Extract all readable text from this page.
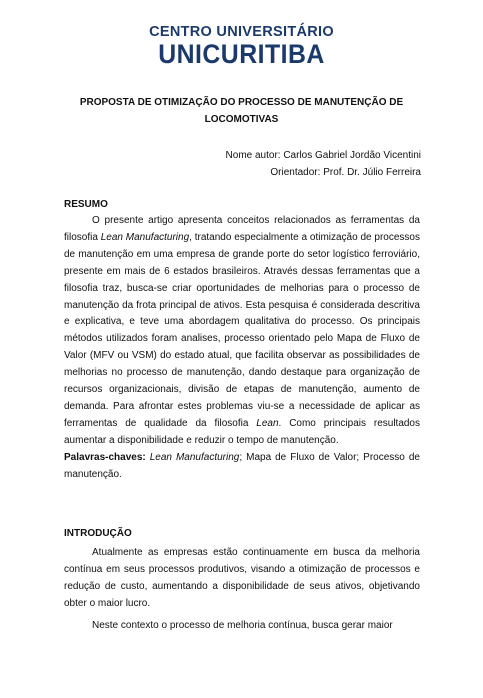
CENTRO UNIVERSITÁRIO
UNICURITIBA
PROPOSTA DE OTIMIZAÇÃO DO PROCESSO DE MANUTENÇÃO DE
LOCOMOTIVAS
Nome autor: Carlos Gabriel Jordão Vicentini
Orientador: Prof. Dr. Júlio Ferreira
RESUMO

O presente artigo apresenta conceitos relacionados as ferramentas da filosofia Lean Manufacturing, tratando especialmente a otimização de processos de manutenção em uma empresa de grande porte do setor logístico ferroviário, presente em mais de 6 estados brasileiros. Através dessas ferramentas que a filosofia traz, busca-se criar oportunidades de melhorias para o processo de manutenção da frota principal de ativos. Esta pesquisa é considerada descritiva e explicativa, e teve uma abordagem qualitativa do processo. Os principais métodos utilizados foram analises, processo orientado pelo Mapa de Fluxo de Valor (MFV ou VSM) do estado atual, que facilita observar as possibilidades de melhorias no processo de manutenção, dando destaque para organização de recursos organizacionais, divisão de etapas de manutenção, aumento de demanda. Para afrontar estes problemas viu-se a necessidade de aplicar as ferramentas de qualidade da filosofia Lean. Como principais resultados aumentar a disponibilidade e reduzir o tempo de manutenção.

Palavras-chaves: Lean Manufacturing; Mapa de Fluxo de Valor; Processo de manutenção.

INTRODUÇÃO

Atualmente as empresas estão continuamente em busca da melhoria contínua em seus processos produtivos, visando a otimização de processos e redução de custo, aumentando a disponibilidade de seus ativos, objetivando obter o maior lucro.

Neste contexto o processo de melhoria contínua, busca gerar maior
